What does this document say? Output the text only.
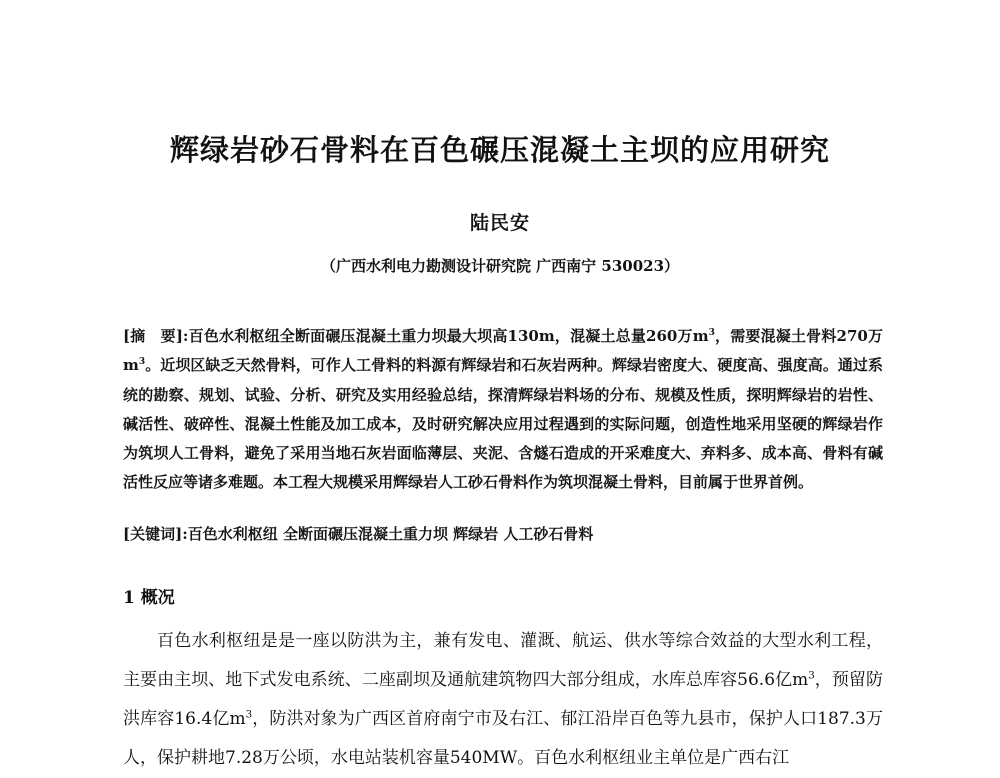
辉绿岩砂石骨料在百色碾压混凝土主坝的应用研究
陆民安
（广西水利电力勘测设计研究院 广西南宁 530023）
[摘　要]:百色水利枢纽全断面碾压混凝土重力坝最大坝高130m，混凝土总量260万$m^3$，需要混凝土骨料270万$m^3$。近坝区缺乏天然骨料，可作人工骨料的料源有辉绿岩和石灰岩两种。辉绿岩密度大、硬度高、强度高。通过系统的勘察、规划、试验、分析、研究及实用经验总结，探清辉绿岩料场的分布、规模及性质，探明辉绿岩的岩性、碱活性、破碎性、混凝土性能及加工成本，及时研究解决应用过程遇到的实际问题，创造性地采用坚硬的辉绿岩作为筑坝人工骨料，避免了采用当地石灰岩面临薄层、夹泥、含燧石造成的开采难度大、弃料多、成本高、骨料有碱活性反应等诸多难题。本工程大规模采用辉绿岩人工砂石骨料作为筑坝混凝土骨料，目前属于世界首例。
[关键词]:百色水利枢纽 全断面碾压混凝土重力坝 辉绿岩 人工砂石骨料
1 概况

百色水利枢纽是是一座以防洪为主，兼有发电、灌溉、航运、供水等综合效益的大型水利工程，主要由主坝、地下式发电系统、二座副坝及通航建筑物四大部分组成，水库总库容56.6亿$m^3$，预留防洪库容16.4亿$m^3$，防洪对象为广西区首府南宁市及右江、郁江沿岸百色等九县市，保护人口187.3万人，保护耕地7.28万公顷，水电站装机容量540MW。百色水利枢纽业主单位是广西右江
